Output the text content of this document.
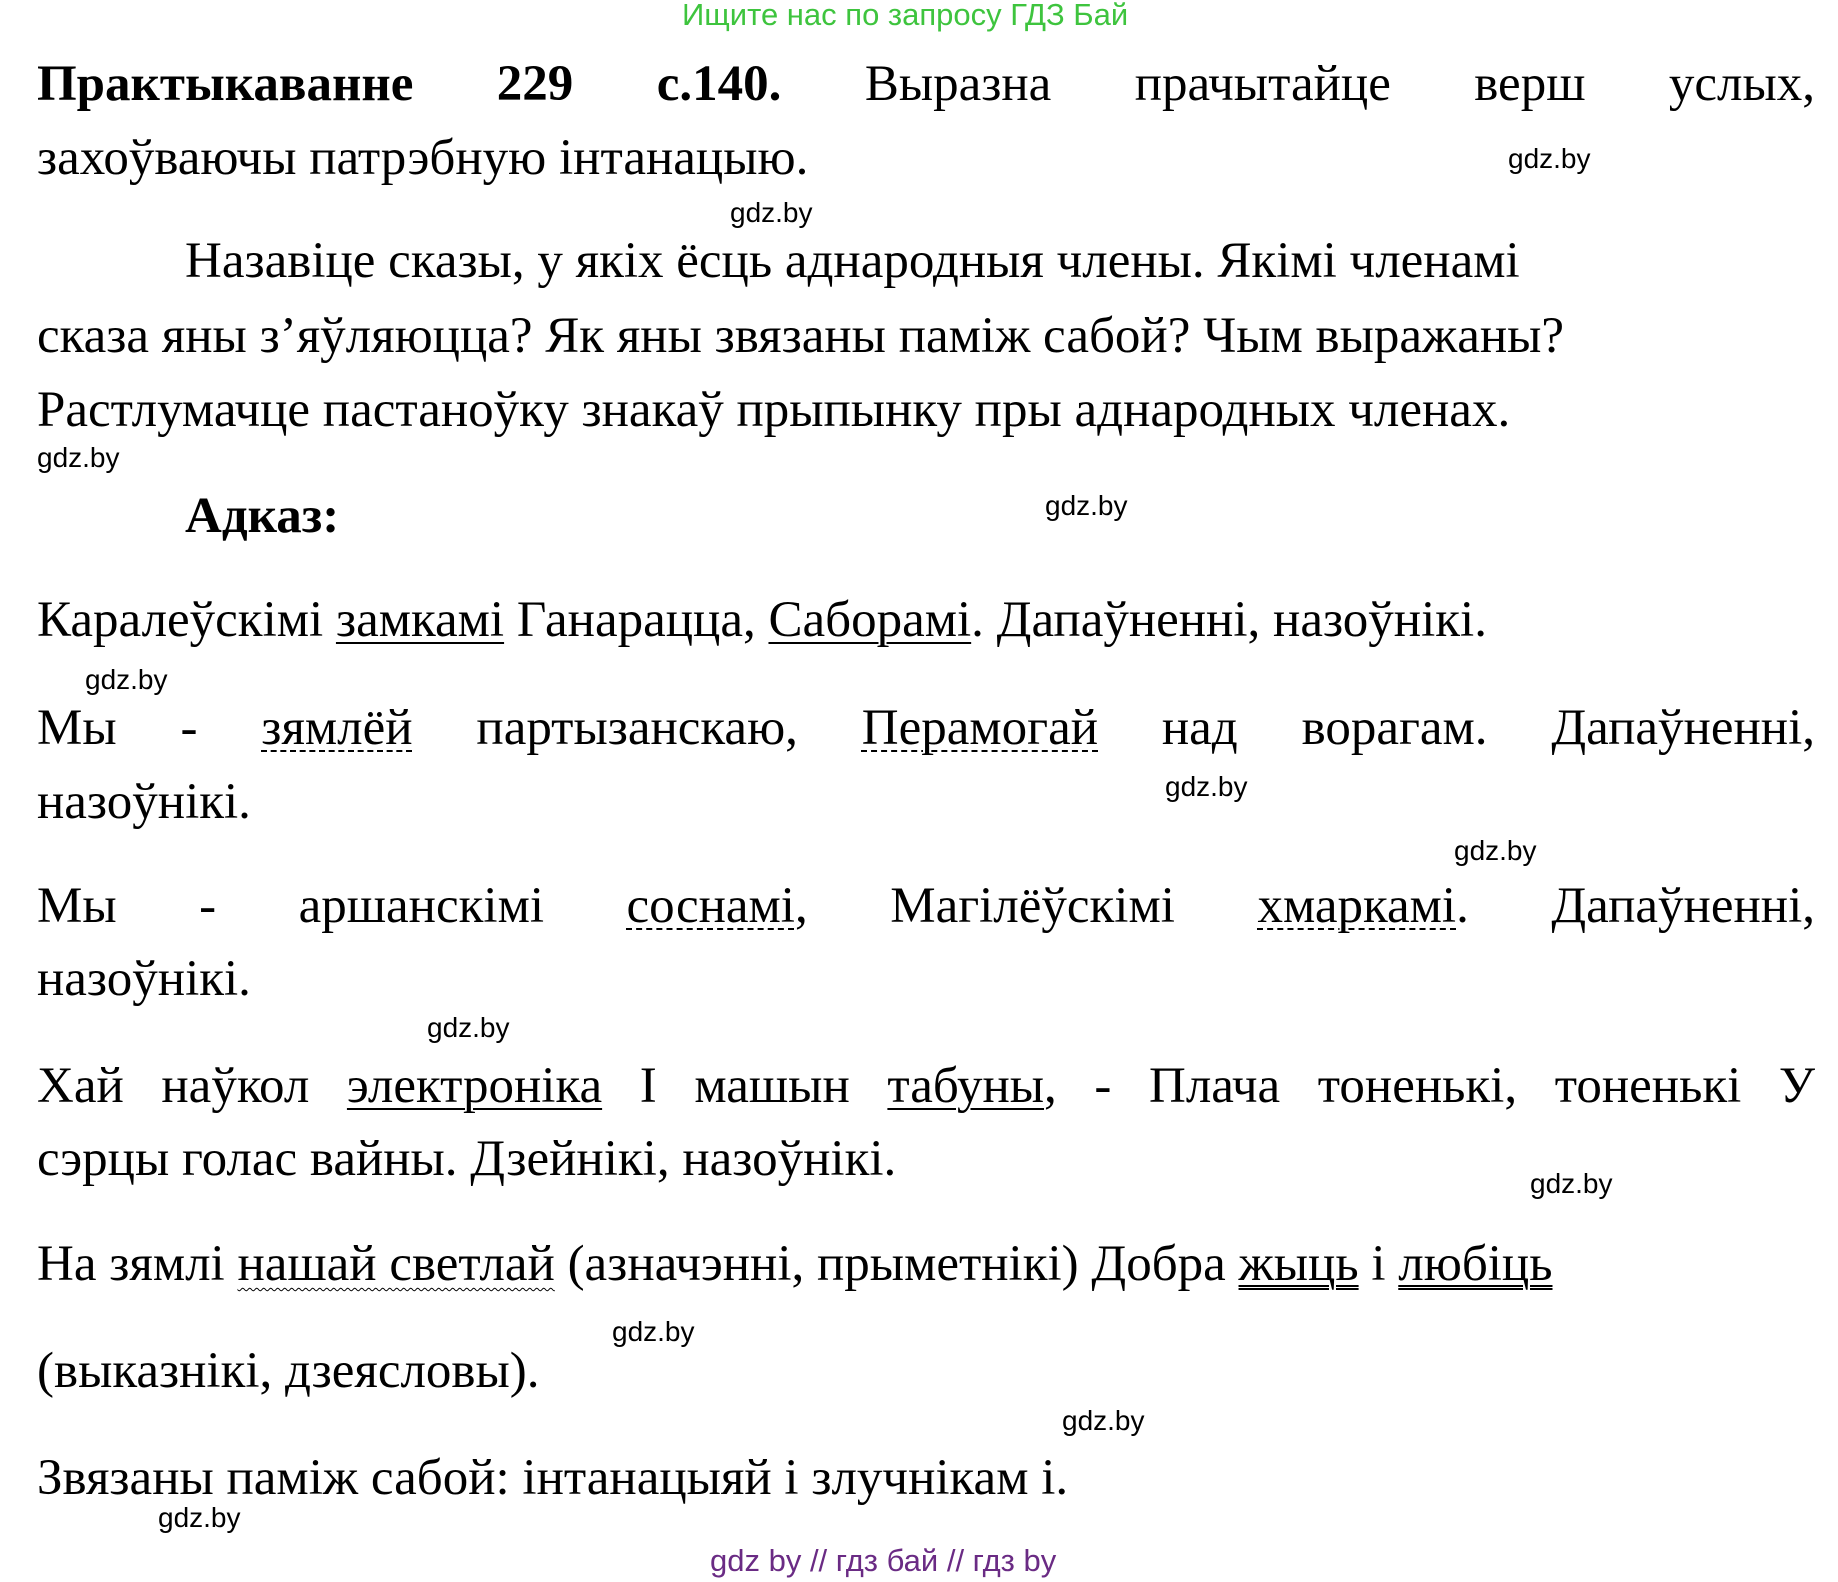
Ищите нас по запросу ГДЗ Бай
Практыкаванне 229 с.140. Выразна прачытайце верш услых,
захоўваючы патрэбную інтанацыю.
Назавіце сказы, у якіх ёсць аднародныя члены. Якімі членамі
сказа яны з’яўляюцца? Як яны звязаны паміж сабой? Чым выражаны?
Растлумачце пастаноўку знакаў прыпынку пры аднародных членах.
Адказ:
Каралеўскімі замкамі Ганарацца, Саборамі. Дапаўненні, назоўнікі.
Мы - зямлёй партызанскаю, Перамогай над ворагам. Дапаўненні,
назоўнікі.
Мы - аршанскімі соснамі, Магілёўскімі хмаркамі. Дапаўненні,
назоўнікі.
Хай наўкол электроніка І машын табуны, - Плача тоненькі, тоненькі У
сэрцы голас вайны. Дзейнікі, назоўнікі.
На зямлі нашай светлай (азначэнні, прыметнікі) Добра жыць і любіць
(выказнікі, дзеясловы).
Звязаны паміж сабой: інтанацыяй і злучнікам і.
gdz.by
gdz.by
gdz.by
gdz.by
gdz.by
gdz.by
gdz.by
gdz.by
gdz.by
gdz.by
gdz.by
gdz.by
gdz by // гдз бай // гдз by
